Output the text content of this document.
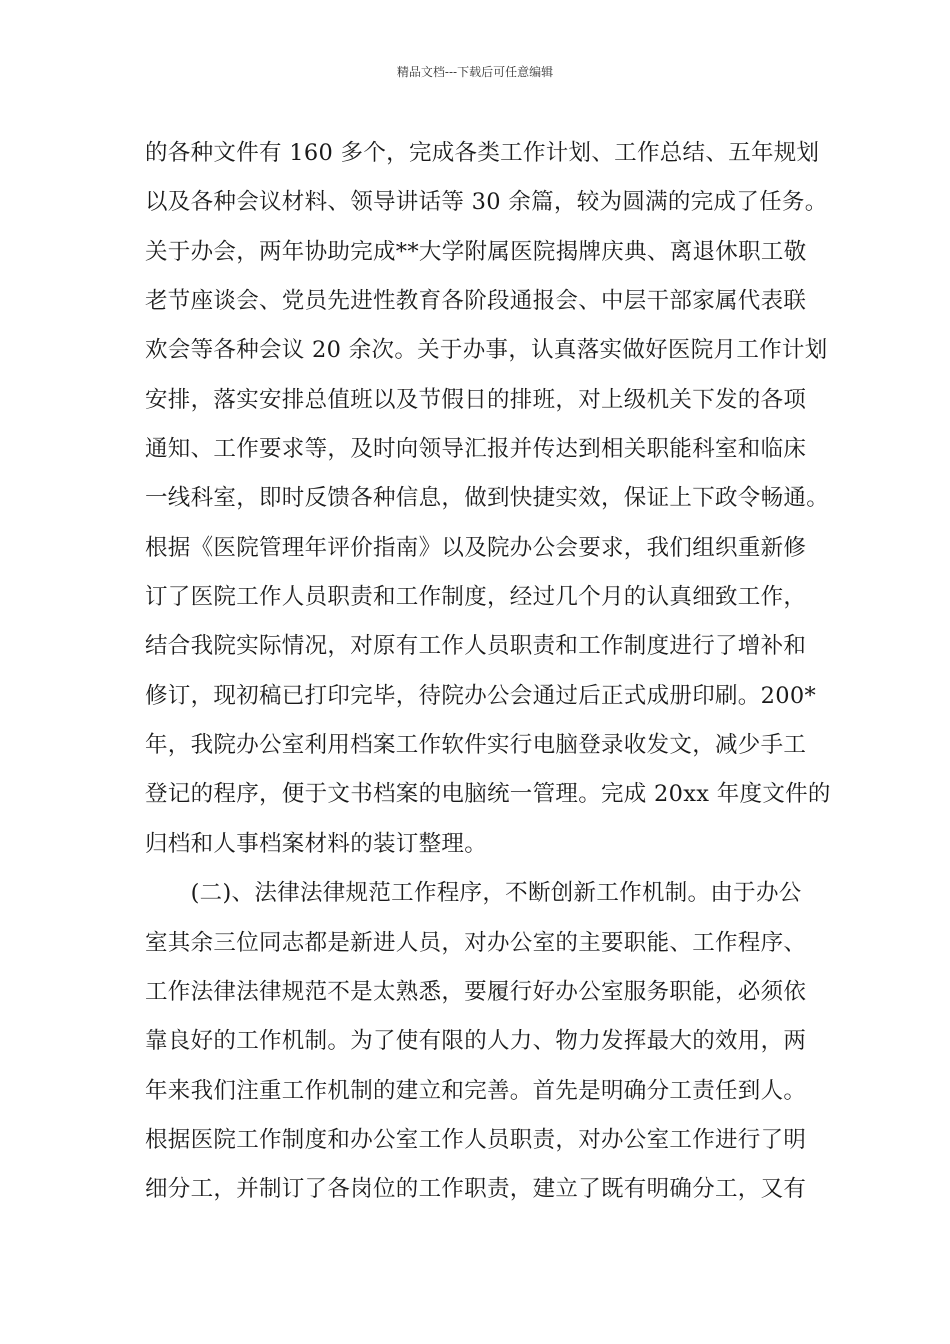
精品文档---下载后可任意编辑
的各种文件有 160 多个，完成各类工作计划、工作总结、五年规划
以及各种会议材料、领导讲话等 30 余篇，较为圆满的完成了任务。
关于办会，两年协助完成**大学附属医院揭牌庆典、离退休职工敬
老节座谈会、党员先进性教育各阶段通报会、中层干部家属代表联
欢会等各种会议 20 余次。关于办事，认真落实做好医院月工作计划
安排，落实安排总值班以及节假日的排班，对上级机关下发的各项
通知、工作要求等，及时向领导汇报并传达到相关职能科室和临床
一线科室，即时反馈各种信息，做到快捷实效，保证上下政令畅通。
根据《医院管理年评价指南》以及院办公会要求，我们组织重新修
订了医院工作人员职责和工作制度，经过几个月的认真细致工作，
结合我院实际情况，对原有工作人员职责和工作制度进行了增补和
修订，现初稿已打印完毕，待院办公会通过后正式成册印刷。200*
年，我院办公室利用档案工作软件实行电脑登录收发文，减少手工
登记的程序，便于文书档案的电脑统一管理。完成 20xx 年度文件的
归档和人事档案材料的装订整理。
　　(二)、法律法律规范工作程序，不断创新工作机制。由于办公
室其余三位同志都是新进人员，对办公室的主要职能、工作程序、
工作法律法律规范不是太熟悉，要履行好办公室服务职能，必须依
靠良好的工作机制。为了使有限的人力、物力发挥最大的效用，两
年来我们注重工作机制的建立和完善。首先是明确分工责任到人。
根据医院工作制度和办公室工作人员职责，对办公室工作进行了明
细分工，并制订了各岗位的工作职责，建立了既有明确分工，又有
